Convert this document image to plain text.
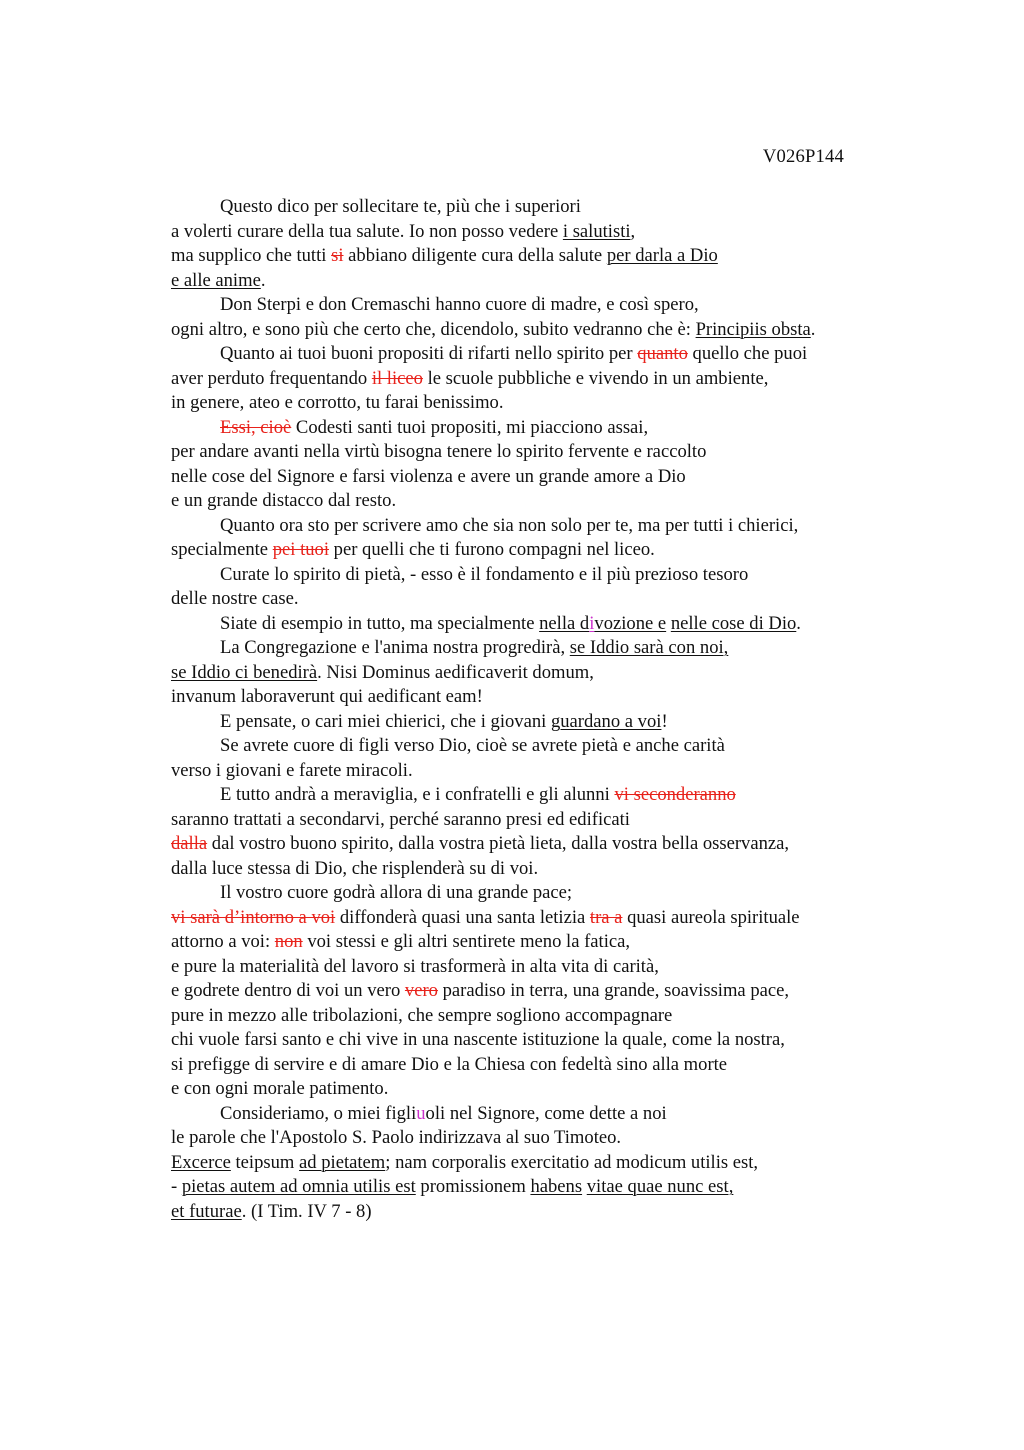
V026P144
Questo dico per sollecitare te, più che i superiori
a volerti curare della tua salute. Io non posso vedere i salutisti,
ma supplico che tutti si abbiano diligente cura della salute per darla a Dio
e alle anime.
Don Sterpi e don Cremaschi hanno cuore di madre, e così spero,
ogni altro, e sono più che certo che, dicendolo, subito vedranno che è: Principiis obsta.
Quanto ai tuoi buoni propositi di rifarti nello spirito per quanto quello che puoi
aver perduto frequentando il liceo le scuole pubbliche e vivendo in un ambiente,
in genere, ateo e corrotto, tu farai benissimo.
Essi, cioè Codesti santi tuoi propositi, mi piacciono assai,
per andare avanti nella virtù bisogna tenere lo spirito fervente e raccolto
nelle cose del Signore e farsi violenza e avere un grande amore a Dio
e un grande distacco dal resto.
Quanto ora sto per scrivere amo che sia non solo per te, ma per tutti i chierici,
specialmente pei tuoi per quelli che ti furono compagni nel liceo.
Curate lo spirito di pietà, - esso è il fondamento e il più prezioso tesoro
delle nostre case.
Siate di esempio in tutto, ma specialmente nella divozione e nelle cose di Dio.
La Congregazione e l'anima nostra progredirà, se Iddio sarà con noi,
se Iddio ci benedirà. Nisi Dominus aedificaverit domum,
invanum laboraverunt qui aedificant eam!
E pensate, o cari miei chierici, che i giovani guardano a voi!
Se avrete cuore di figli verso Dio, cioè se avrete pietà e anche carità
verso i giovani e farete miracoli.
E tutto andrà a meraviglia, e i confratelli e gli alunni vi seconderanno
saranno trattati a secondarvi, perché saranno presi ed edificati
dalla dal vostro buono spirito, dalla vostra pietà lieta, dalla vostra bella osservanza,
dalla luce stessa di Dio, che risplenderà su di voi.
Il vostro cuore godrà allora di una grande pace;
vi sarà d’intorno a voi diffonderà quasi una santa letizia tra a quasi aureola spirituale
attorno a voi: non voi stessi e gli altri sentirete meno la fatica,
e pure la materialità del lavoro si trasformerà in alta vita di carità,
e godrete dentro di voi un vero vero paradiso in terra, una grande, soavissima pace,
pure in mezzo alle tribolazioni, che sempre sogliono accompagnare
chi vuole farsi santo e chi vive in una nascente istituzione la quale, come la nostra,
si prefigge di servire e di amare Dio e la Chiesa con fedeltà sino alla morte
e con ogni morale patimento.
Consideriamo, o miei figliuoli nel Signore, come dette a noi
le parole che l'Apostolo S. Paolo indirizzava al suo Timoteo.
Excerce teipsum ad pietatem; nam corporalis exercitatio ad modicum utilis est,
- pietas autem ad omnia utilis est promissionem habens vitae quae nunc est,
et futurae. (I Tim. IV 7 - 8)
